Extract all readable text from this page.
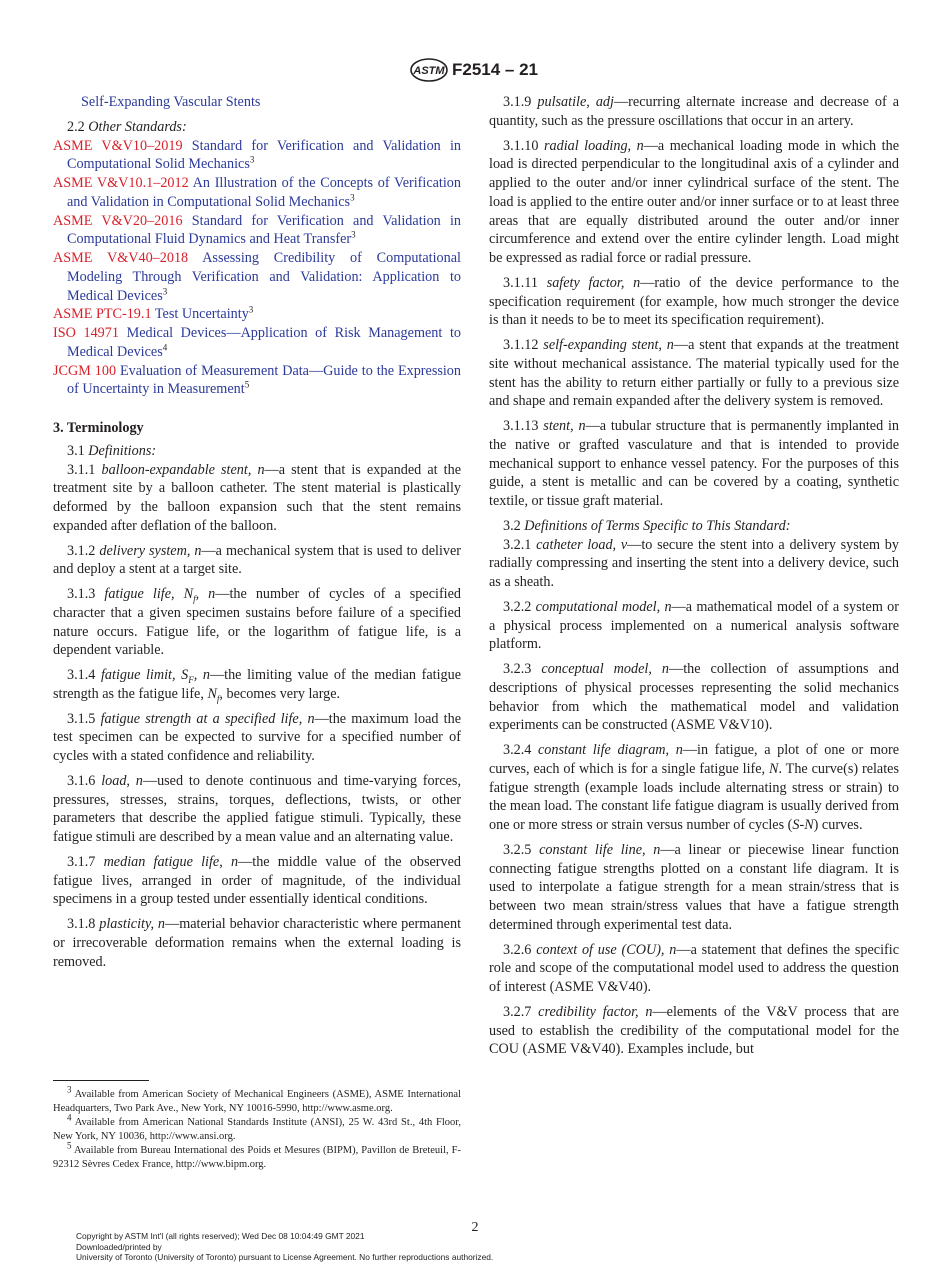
ASTM F2514 – 21

Self-Expanding Vascular Stents

2.2 Other Standards:

ASME V&V10–2019 Standard for Verification and Validation in Computational Solid Mechanics$^3$

ASME V&V10.1–2012 An Illustration of the Concepts of Verification and Validation in Computational Solid Mechanics$^3$

ASME V&V20–2016 Standard for Verification and Validation in Computational Fluid Dynamics and Heat Transfer$^3$

ASME V&V40–2018 Assessing Credibility of Computational Modeling Through Verification and Validation: Application to Medical Devices$^3$

ASME PTC-19.1 Test Uncertainty$^3$

ISO 14971 Medical Devices—Application of Risk Management to Medical Devices$^4$

JCGM 100 Evaluation of Measurement Data—Guide to the Expression of Uncertainty in Measurement$^5$

3. Terminology

3.1 Definitions:

3.1.1 balloon-expandable stent, n—a stent that is expanded at the treatment site by a balloon catheter. The stent material is plastically deformed by the balloon expansion such that the stent remains expanded after deflation of the balloon.

3.1.2 delivery system, n—a mechanical system that is used to deliver and deploy a stent at a target site.

3.1.3 fatigue life, $N_f$, n—the number of cycles of a specified character that a given specimen sustains before failure of a specified nature occurs. Fatigue life, or the logarithm of fatigue life, is a dependent variable.

3.1.4 fatigue limit, $S_F$, n—the limiting value of the median fatigue strength as the fatigue life, $N_f$, becomes very large.

3.1.5 fatigue strength at a specified life, n—the maximum load the test specimen can be expected to survive for a specified number of cycles with a stated confidence and reliability.

3.1.6 load, n—used to denote continuous and time-varying forces, pressures, stresses, strains, torques, deflections, twists, or other parameters that describe the applied fatigue stimuli. Typically, these fatigue stimuli are described by a mean value and an alternating value.

3.1.7 median fatigue life, n—the middle value of the observed fatigue lives, arranged in order of magnitude, of the individual specimens in a group tested under essentially identical conditions.

3.1.8 plasticity, n—material behavior characteristic where permanent or irrecoverable deformation remains when the external loading is removed.

$^3$ Available from American Society of Mechanical Engineers (ASME), ASME International Headquarters, Two Park Ave., New York, NY 10016-5990, http://www.asme.org.

$^4$ Available from American National Standards Institute (ANSI), 25 W. 43rd St., 4th Floor, New York, NY 10036, http://www.ansi.org.

$^5$ Available from Bureau International des Poids et Mesures (BIPM), Pavillon de Breteuil, F-92312 Sèvres Cedex France, http://www.bipm.org.

3.1.9 pulsatile, adj—recurring alternate increase and decrease of a quantity, such as the pressure oscillations that occur in an artery.

3.1.10 radial loading, n—a mechanical loading mode in which the load is directed perpendicular to the longitudinal axis of a cylinder and applied to the outer and/or inner cylindrical surface of the stent. The load is applied to the entire outer and/or inner surface or to at least three areas that are equally distributed around the outer and/or inner circumference and extend over the entire cylinder length. Load might be expressed as radial force or radial pressure.

3.1.11 safety factor, n—ratio of the device performance to the specification requirement (for example, how much stronger the device is than it needs to be to meet its specification requirement).

3.1.12 self-expanding stent, n—a stent that expands at the treatment site without mechanical assistance. The material typically used for the stent has the ability to return either partially or fully to a previous size and shape and remain expanded after the delivery system is removed.

3.1.13 stent, n—a tubular structure that is permanently implanted in the native or grafted vasculature and that is intended to provide mechanical support to enhance vessel patency. For the purposes of this guide, a stent is metallic and can be covered by a coating, synthetic textile, or tissue graft material.

3.2 Definitions of Terms Specific to This Standard:

3.2.1 catheter load, v—to secure the stent into a delivery system by radially compressing and inserting the stent into a delivery device, such as a sheath.

3.2.2 computational model, n—a mathematical model of a system or a physical process implemented on a numerical analysis software platform.

3.2.3 conceptual model, n—the collection of assumptions and descriptions of physical processes representing the solid mechanics behavior from which the mathematical model and validation experiments can be constructed (ASME V&V10).

3.2.4 constant life diagram, n—in fatigue, a plot of one or more curves, each of which is for a single fatigue life, N. The curve(s) relates fatigue strength (example loads include alternating stress or strain) to the mean load. The constant life fatigue diagram is usually derived from one or more stress or strain versus number of cycles (S-N) curves.

3.2.5 constant life line, n—a linear or piecewise linear function connecting fatigue strengths plotted on a constant life diagram. It is used to interpolate a fatigue strength for a mean strain/stress that is between two mean strain/stress values that have a fatigue strength determined through experimental test data.

3.2.6 context of use (COU), n—a statement that defines the specific role and scope of the computational model used to address the question of interest (ASME V&V40).

3.2.7 credibility factor, n—elements of the V&V process that are used to establish the credibility of the computational model for the COU (ASME V&V40). Examples include, but

2
Copyright by ASTM Int'l (all rights reserved); Wed Dec 08 10:04:49 GMT 2021
Downloaded/printed by
University of Toronto (University of Toronto) pursuant to License Agreement. No further reproductions authorized.
